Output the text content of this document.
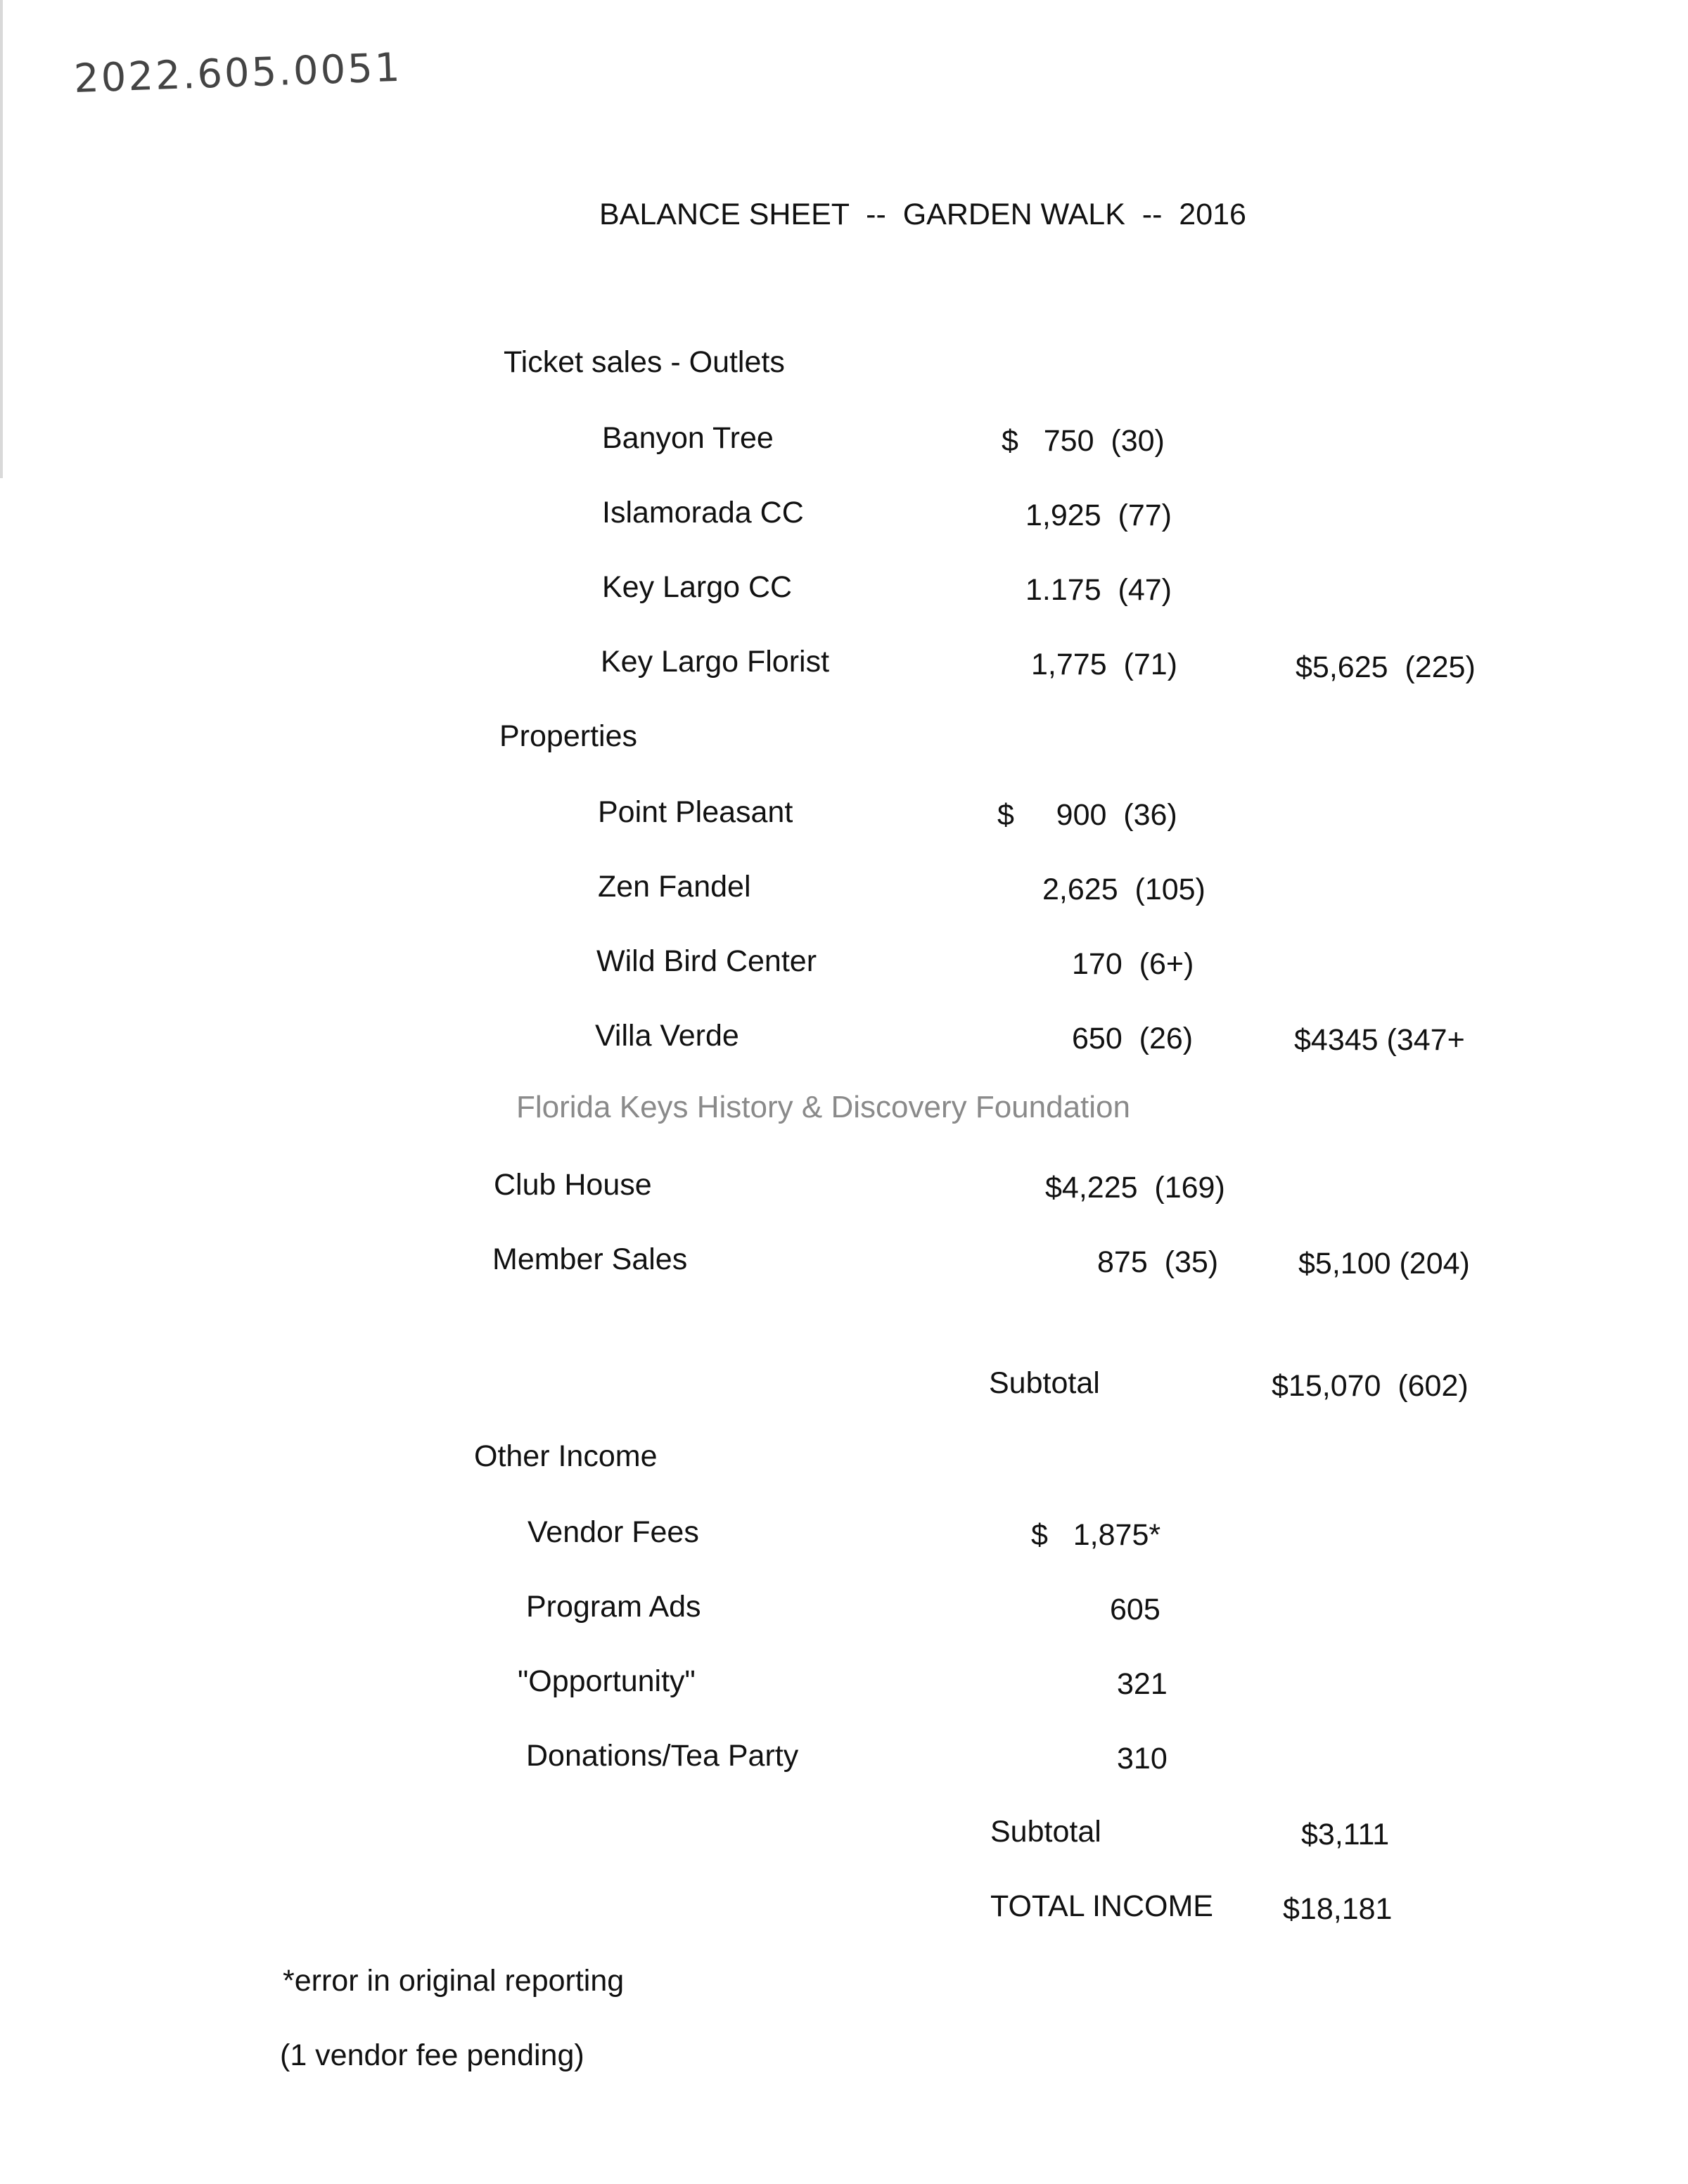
2022.605.0051
BALANCE SHEET  --  GARDEN WALK  --  2016
Ticket sales - Outlets
Banyon Tree	$   750  (30)
Islamorada CC	1,925  (77)
Key Largo CC	1.175  (47)
Key Largo Florist	1,775  (71)	$5,625  (225)
Properties
Point Pleasant	$     900  (36)
Zen Fandel	2,625  (105)
Wild Bird Center	170  (6+)
Villa Verde	650  (26)	$4345 (347+
Florida Keys History & Discovery Foundation
Club House	$4,225  (169)
Member Sales	875  (35)	$5,100 (204)
Subtotal	$15,070  (602)
Other Income
Vendor Fees	$   1,875*
Program Ads	605
"Opportunity"	321
Donations/Tea Party	310
Subtotal	$3,111
TOTAL INCOME $18,181
*error in original reporting
(1 vendor fee pending)
